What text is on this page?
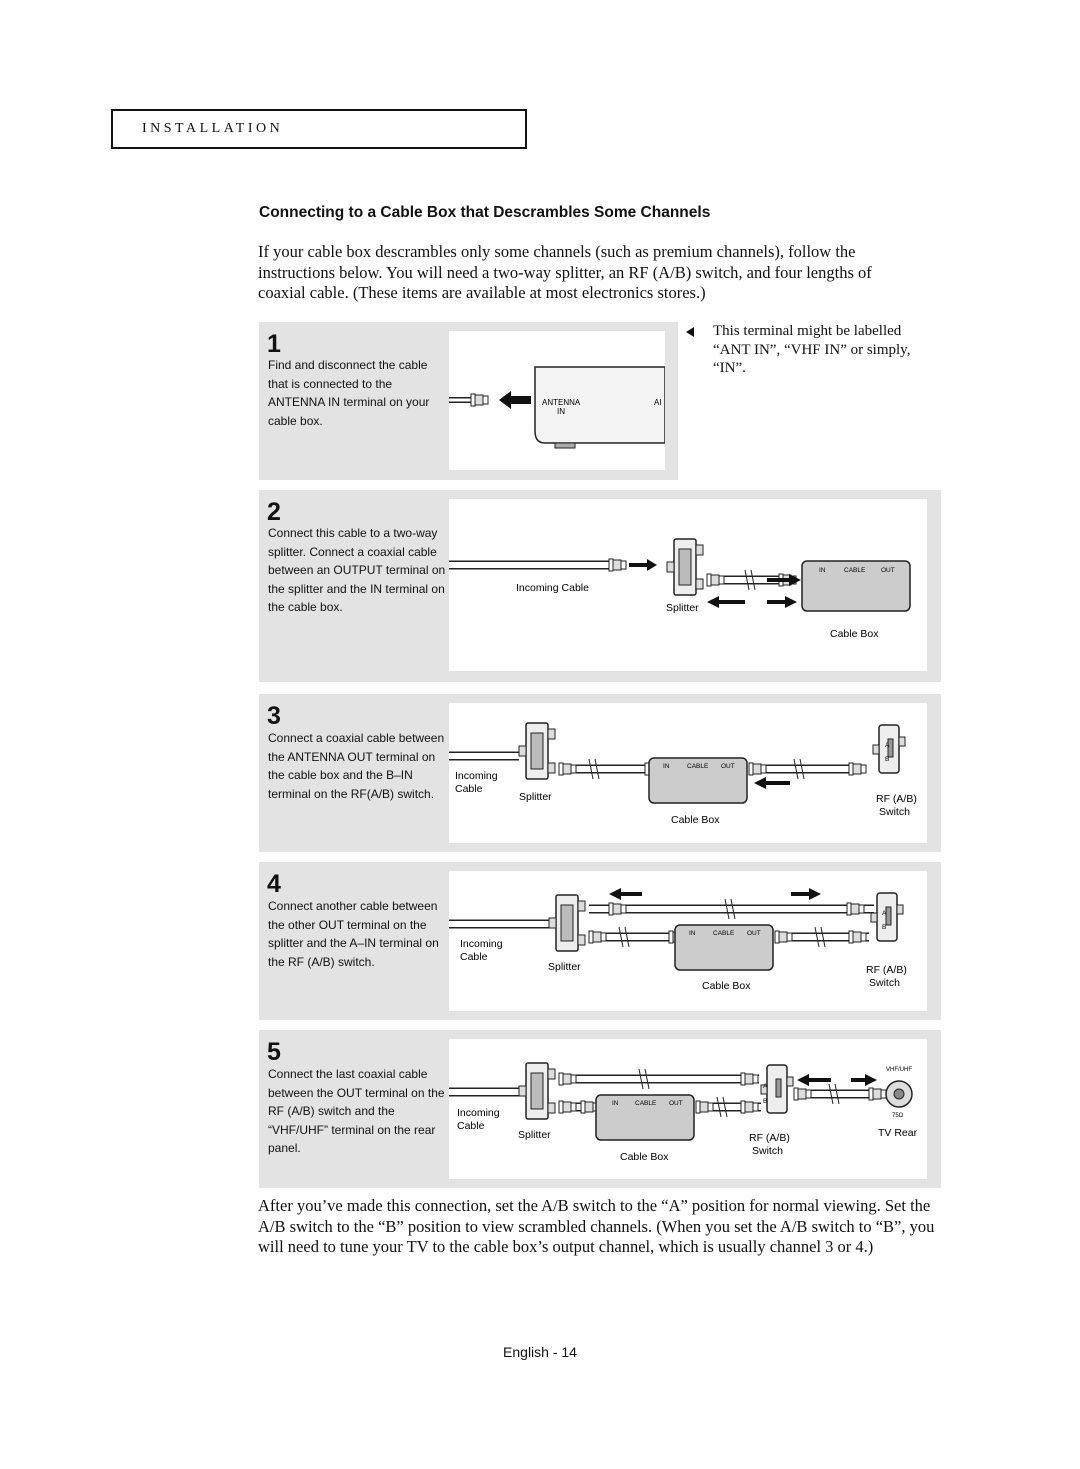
INSTALLATION
Connecting to a Cable Box that Descrambles Some Channels
If your cable box descrambles only some channels (such as premium channels), follow the instructions below. You will need a two-way splitter, an RF (A/B) switch, and four lengths of coaxial cable. (These items are available at most electronics stores.)
This terminal might be labelled “ANT IN”, “VHF IN” or simply, “IN”.
1
Find and disconnect the cable that is connected to the ANTENNA IN terminal on your cable box.
ANTENNA
IN
AI
2
Connect this cable to a two-way splitter. Connect a coaxial cable between an OUTPUT terminal on the splitter and the IN terminal on the cable box.
IN	CABLE OUT
Incoming Cable
Splitter
Cable Box
3
Connect a coaxial cable between the ANTENNA OUT terminal on the cable box and the B–IN terminal on the RF(A/B) switch.
IN	CABLE OUT
A
B
Incoming
Cable
Splitter
Cable Box
RF (A/B)
Switch
4
Connect another cable between the other OUT terminal on the splitter and the A–IN terminal on the RF (A/B) switch.
IN	CABLE OUT
A
B
Incoming
Cable
Splitter
Cable Box
RF (A/B)
Switch
5
Connect the last coaxial cable between the OUT terminal on the RF (A/B) switch and the “VHF/UHF” terminal on the rear panel.
IN	CABLE OUT
A
B
VHF/UHF
75Ω
Incoming
Cable
Splitter
Cable Box
RF (A/B)
Switch
TV Rear
After you’ve made this connection, set the A/B switch to the “A” position for normal viewing. Set the A/B switch to the “B” position to view scrambled channels. (When you set the A/B switch to “B”, you will need to tune your TV to the cable box’s output channel, which is usually channel 3 or 4.)
English - 14
